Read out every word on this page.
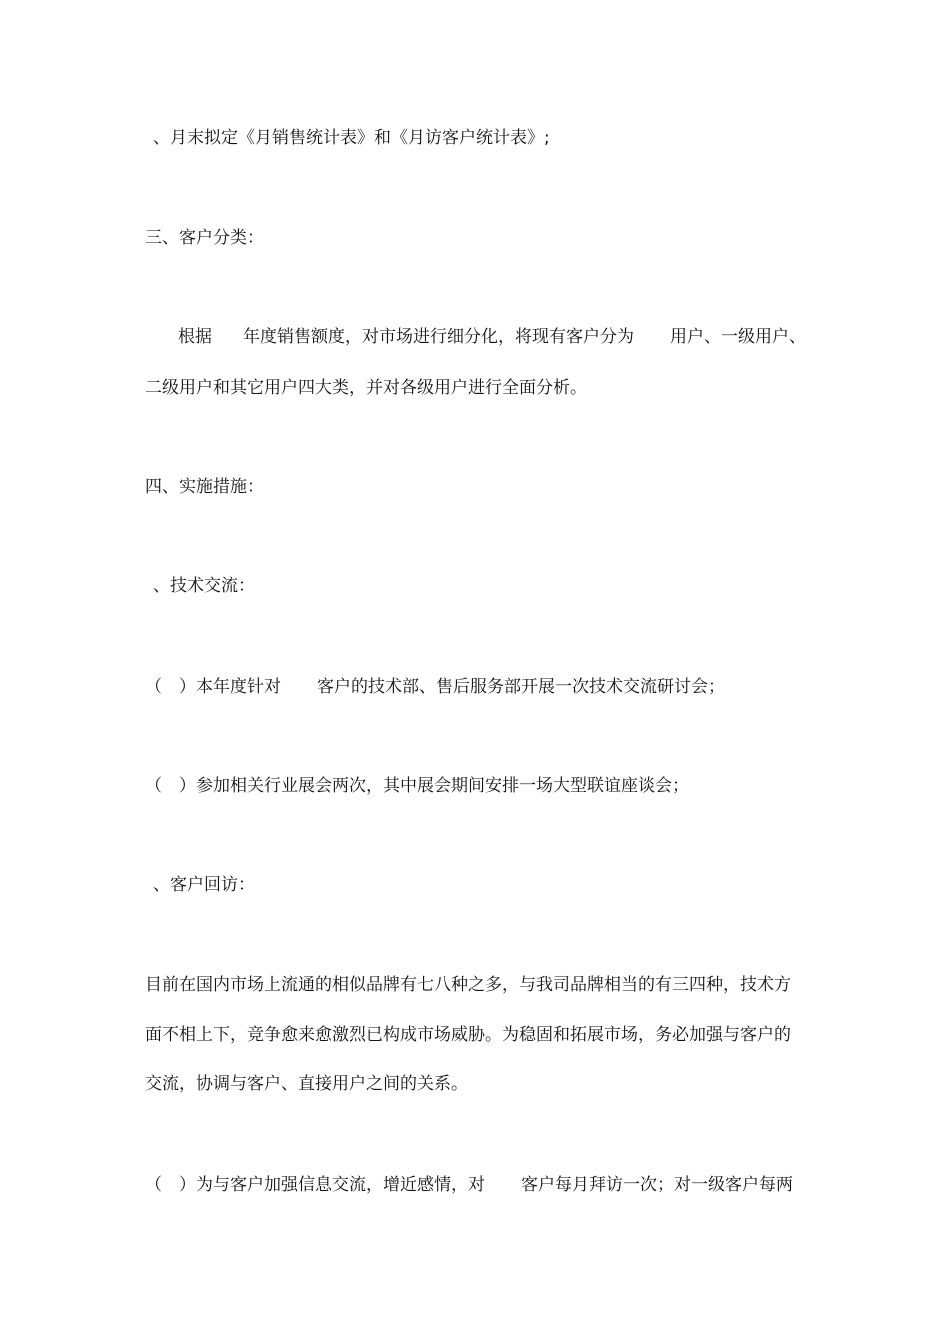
、月末拟定《月销售统计表》和《月访客户统计表》;

三、客户分类：

根据 年度销售额度，对市场进行细分化，将现有客户分为 用户、一级用户、

二级用户和其它用户四大类，并对各级用户进行全面分析。

四、实施措施：

、技术交流：

（　）本年度针对 客户的技术部、售后服务部开展一次技术交流研讨会；

（　）参加相关行业展会两次，其中展会期间安排一场大型联谊座谈会；

、客户回访：

目前在国内市场上流通的相似品牌有七八种之多，与我司品牌相当的有三四种，技术方

面不相上下，竞争愈来愈激烈已构成市场威胁。为稳固和拓展市场，务必加强与客户的

交流，协调与客户、直接用户之间的关系。

（　）为与客户加强信息交流，增近感情，对 客户每月拜访一次；对一级客户每两
